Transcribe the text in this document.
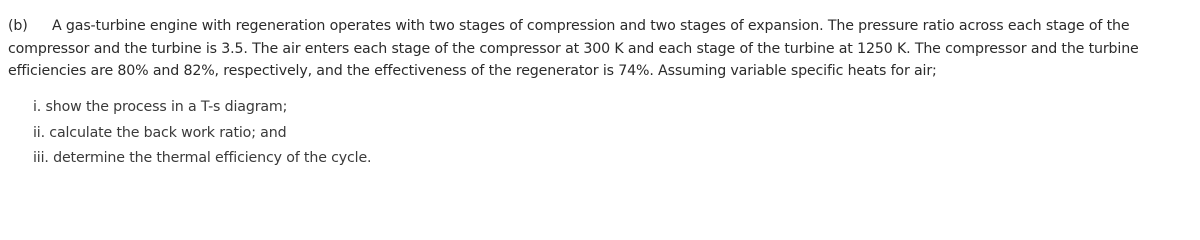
(b) A gas-turbine engine with regeneration operates with two stages of compression and two stages of expansion. The pressure ratio across each stage of the compressor and the turbine is 3.5. The air enters each stage of the compressor at 300 K and each stage of the turbine at 1250 K. The compressor and the turbine efficiencies are 80% and 82%, respectively, and the effectiveness of the regenerator is 74%. Assuming variable specific heats for air;
i. show the process in a T-s diagram;
ii. calculate the back work ratio; and
iii. determine the thermal efficiency of the cycle.
